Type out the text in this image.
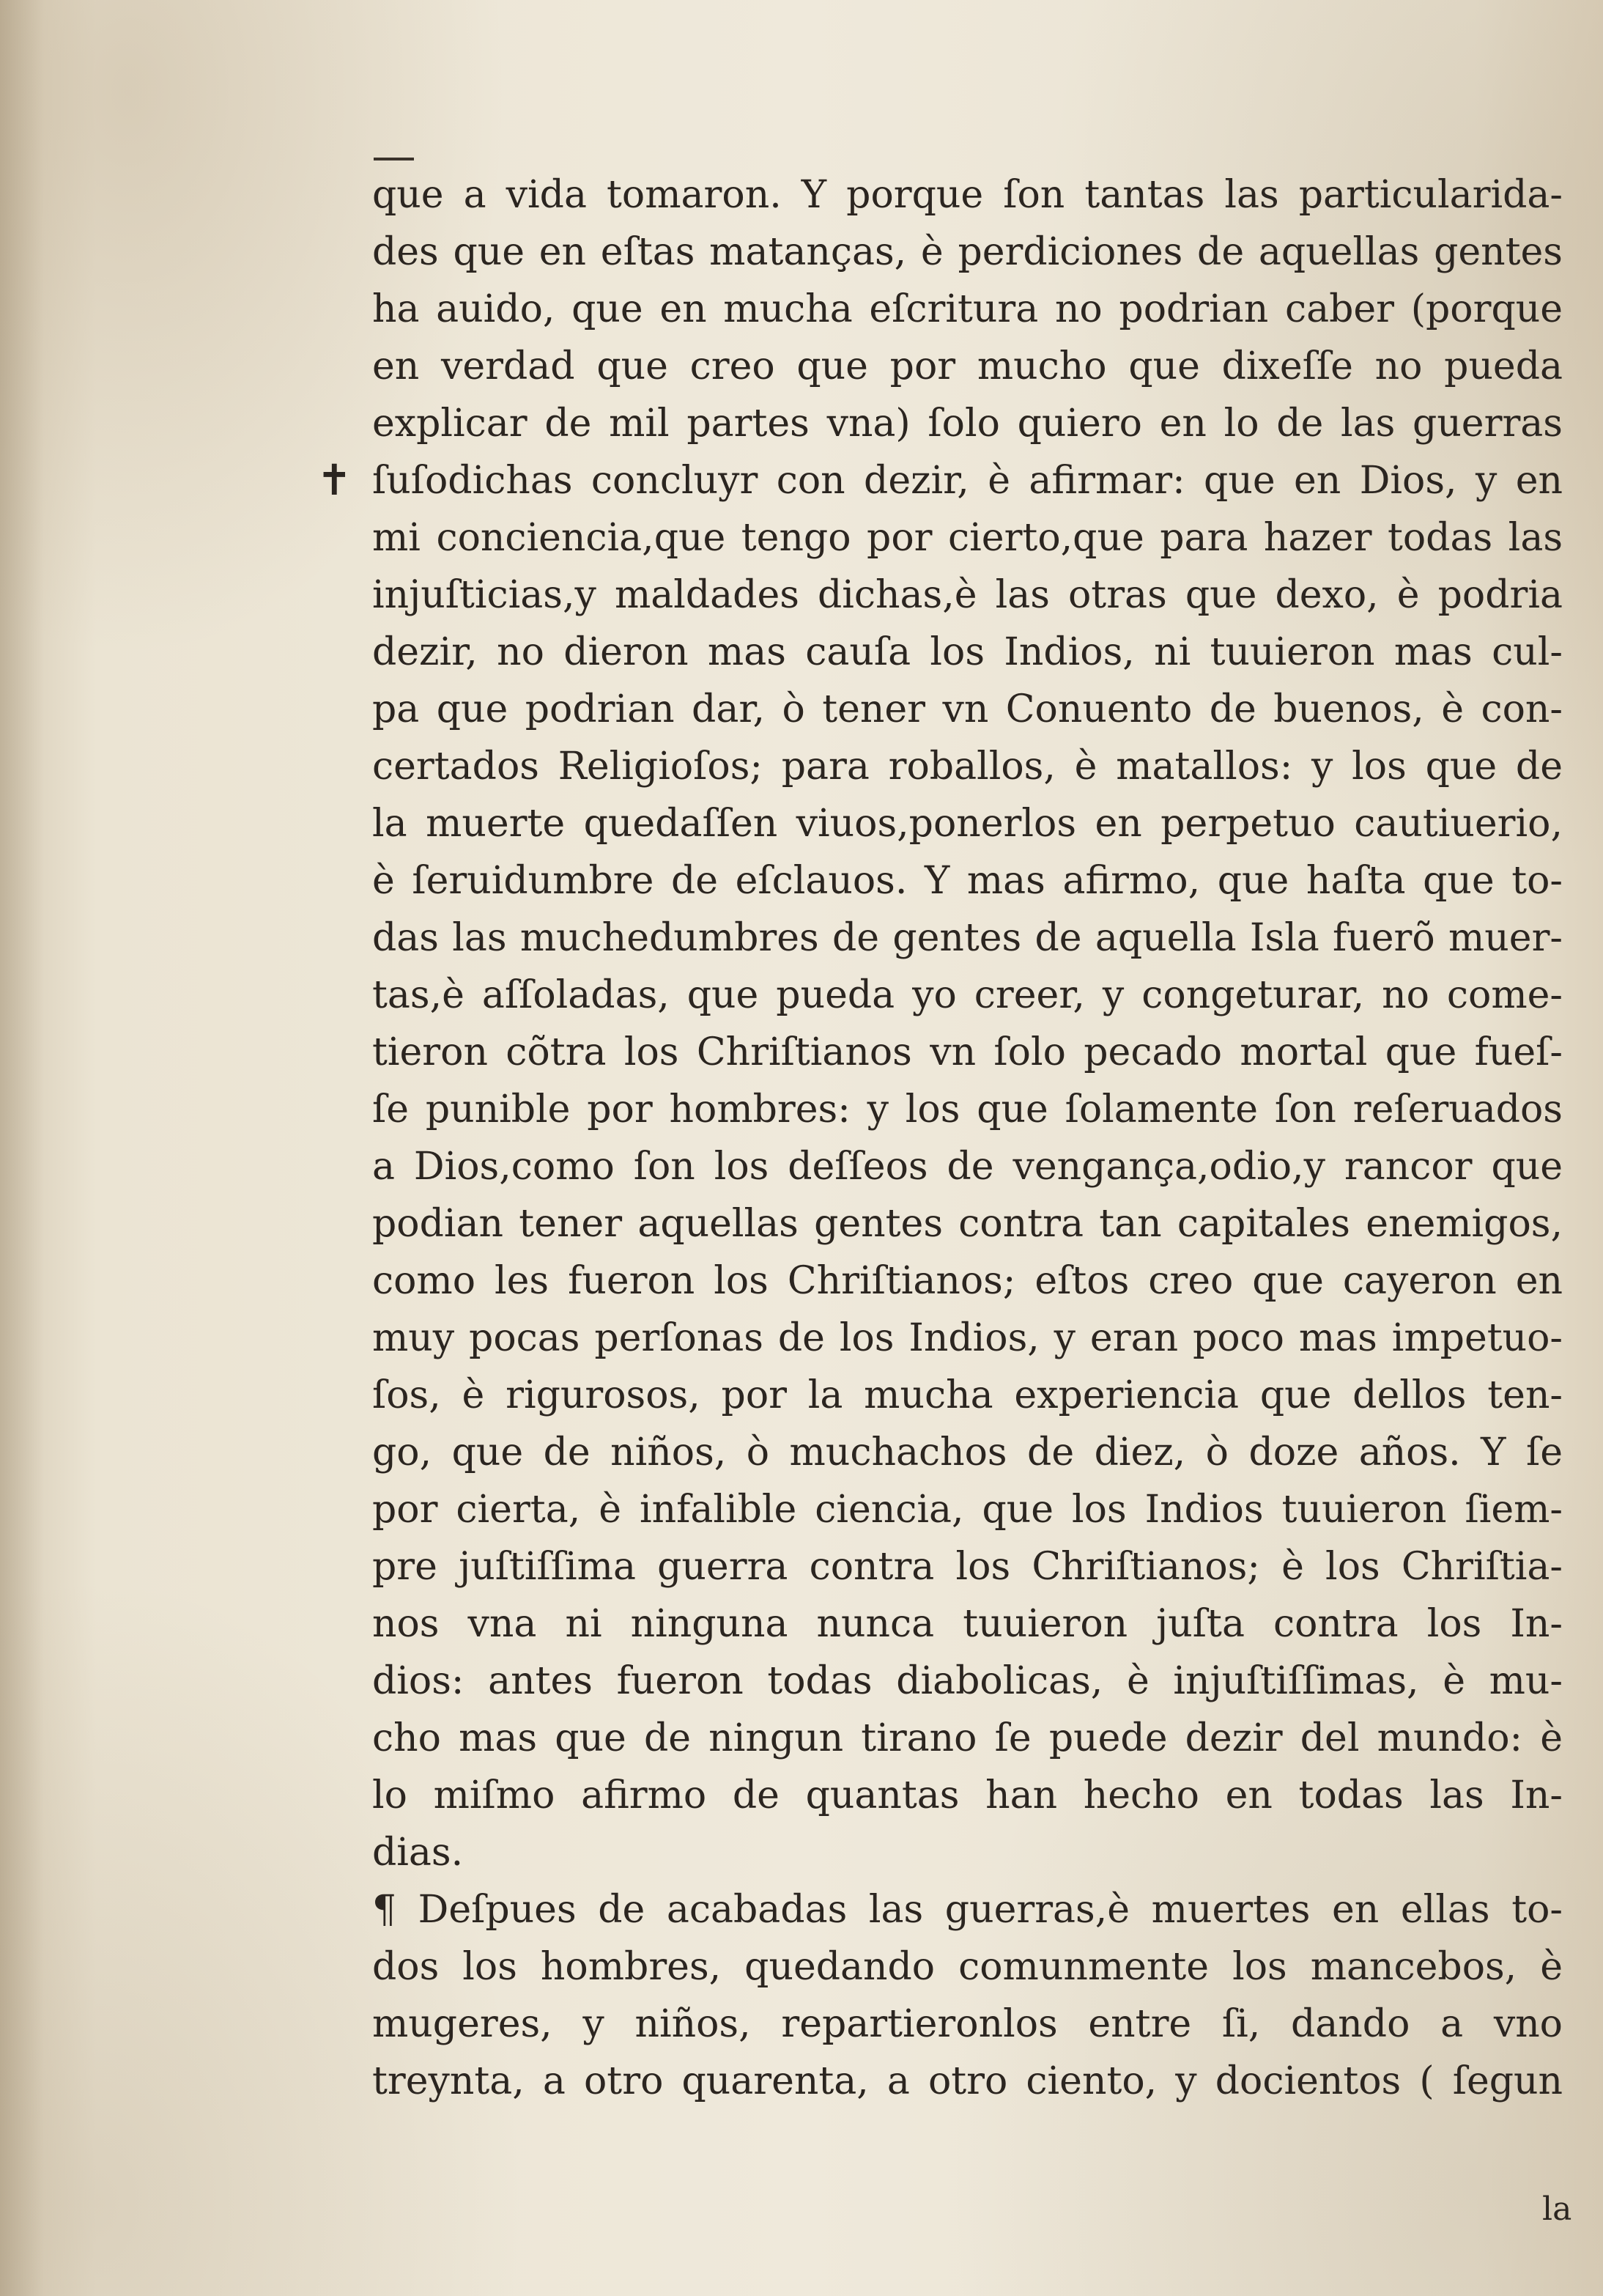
✝
que a vida tomaron. Y porque ſon tantas las particularida-
des que en eſtas matanças, è perdiciones de aquellas gentes
ha auido, que en mucha eſcritura no podrian caber (porque
en verdad que creo que por mucho que dixeſſe no pueda
explicar de mil partes vna) ſolo quiero en lo de las guerras
ſuſodichas concluyr con dezir, è afirmar: que en Dios, y en
mi conciencia,que tengo por cierto,que para hazer todas las
injuſticias,y maldades dichas,è las otras que dexo, è podria
dezir, no dieron mas cauſa los Indios, ni tuuieron mas cul-
pa que podrian dar, ò tener vn Conuento de buenos, è con-
certados Religioſos; para roballos, è matallos: y los que de
la muerte quedaſſen viuos,ponerlos en perpetuo cautiuerio,
è ſeruidumbre de eſclauos. Y mas afirmo, que haſta que to-
das las muchedumbres de gentes de aquella Isla fuerõ muer-
tas,è aſſoladas, que pueda yo creer, y congeturar, no come-
tieron cõtra los Chriſtianos vn ſolo pecado mortal que fueſ-
ſe punible por hombres: y los que ſolamente ſon reſeruados
a Dios,como ſon los deſſeos de vengança,odio,y rancor que
podian tener aquellas gentes contra tan capitales enemigos,
como les fueron los Chriſtianos; eſtos creo que cayeron en
muy pocas perſonas de los Indios, y eran poco mas impetuo-
ſos, è rigurosos, por la mucha experiencia que dellos ten-
go, que de niños, ò muchachos de diez, ò doze años. Y ſe
por cierta, è infalible ciencia, que los Indios tuuieron ſiem-
pre juſtiſſima guerra contra los Chriſtianos; è los Chriſtia-
nos vna ni ninguna nunca tuuieron juſta contra los In-
dios: antes fueron todas diabolicas, è injuſtiſſimas, è mu-
cho mas que de ningun tirano ſe puede dezir del mundo: è
lo miſmo afirmo de quantas han hecho en todas las In-
dias.
¶ Deſpues de acabadas las guerras,è muertes en ellas to-
dos los hombres, quedando comunmente los mancebos, è
mugeres, y niños, repartieronlos entre ſi, dando a vno
treynta, a otro quarenta, a otro ciento, y docientos ( ſegun
la
